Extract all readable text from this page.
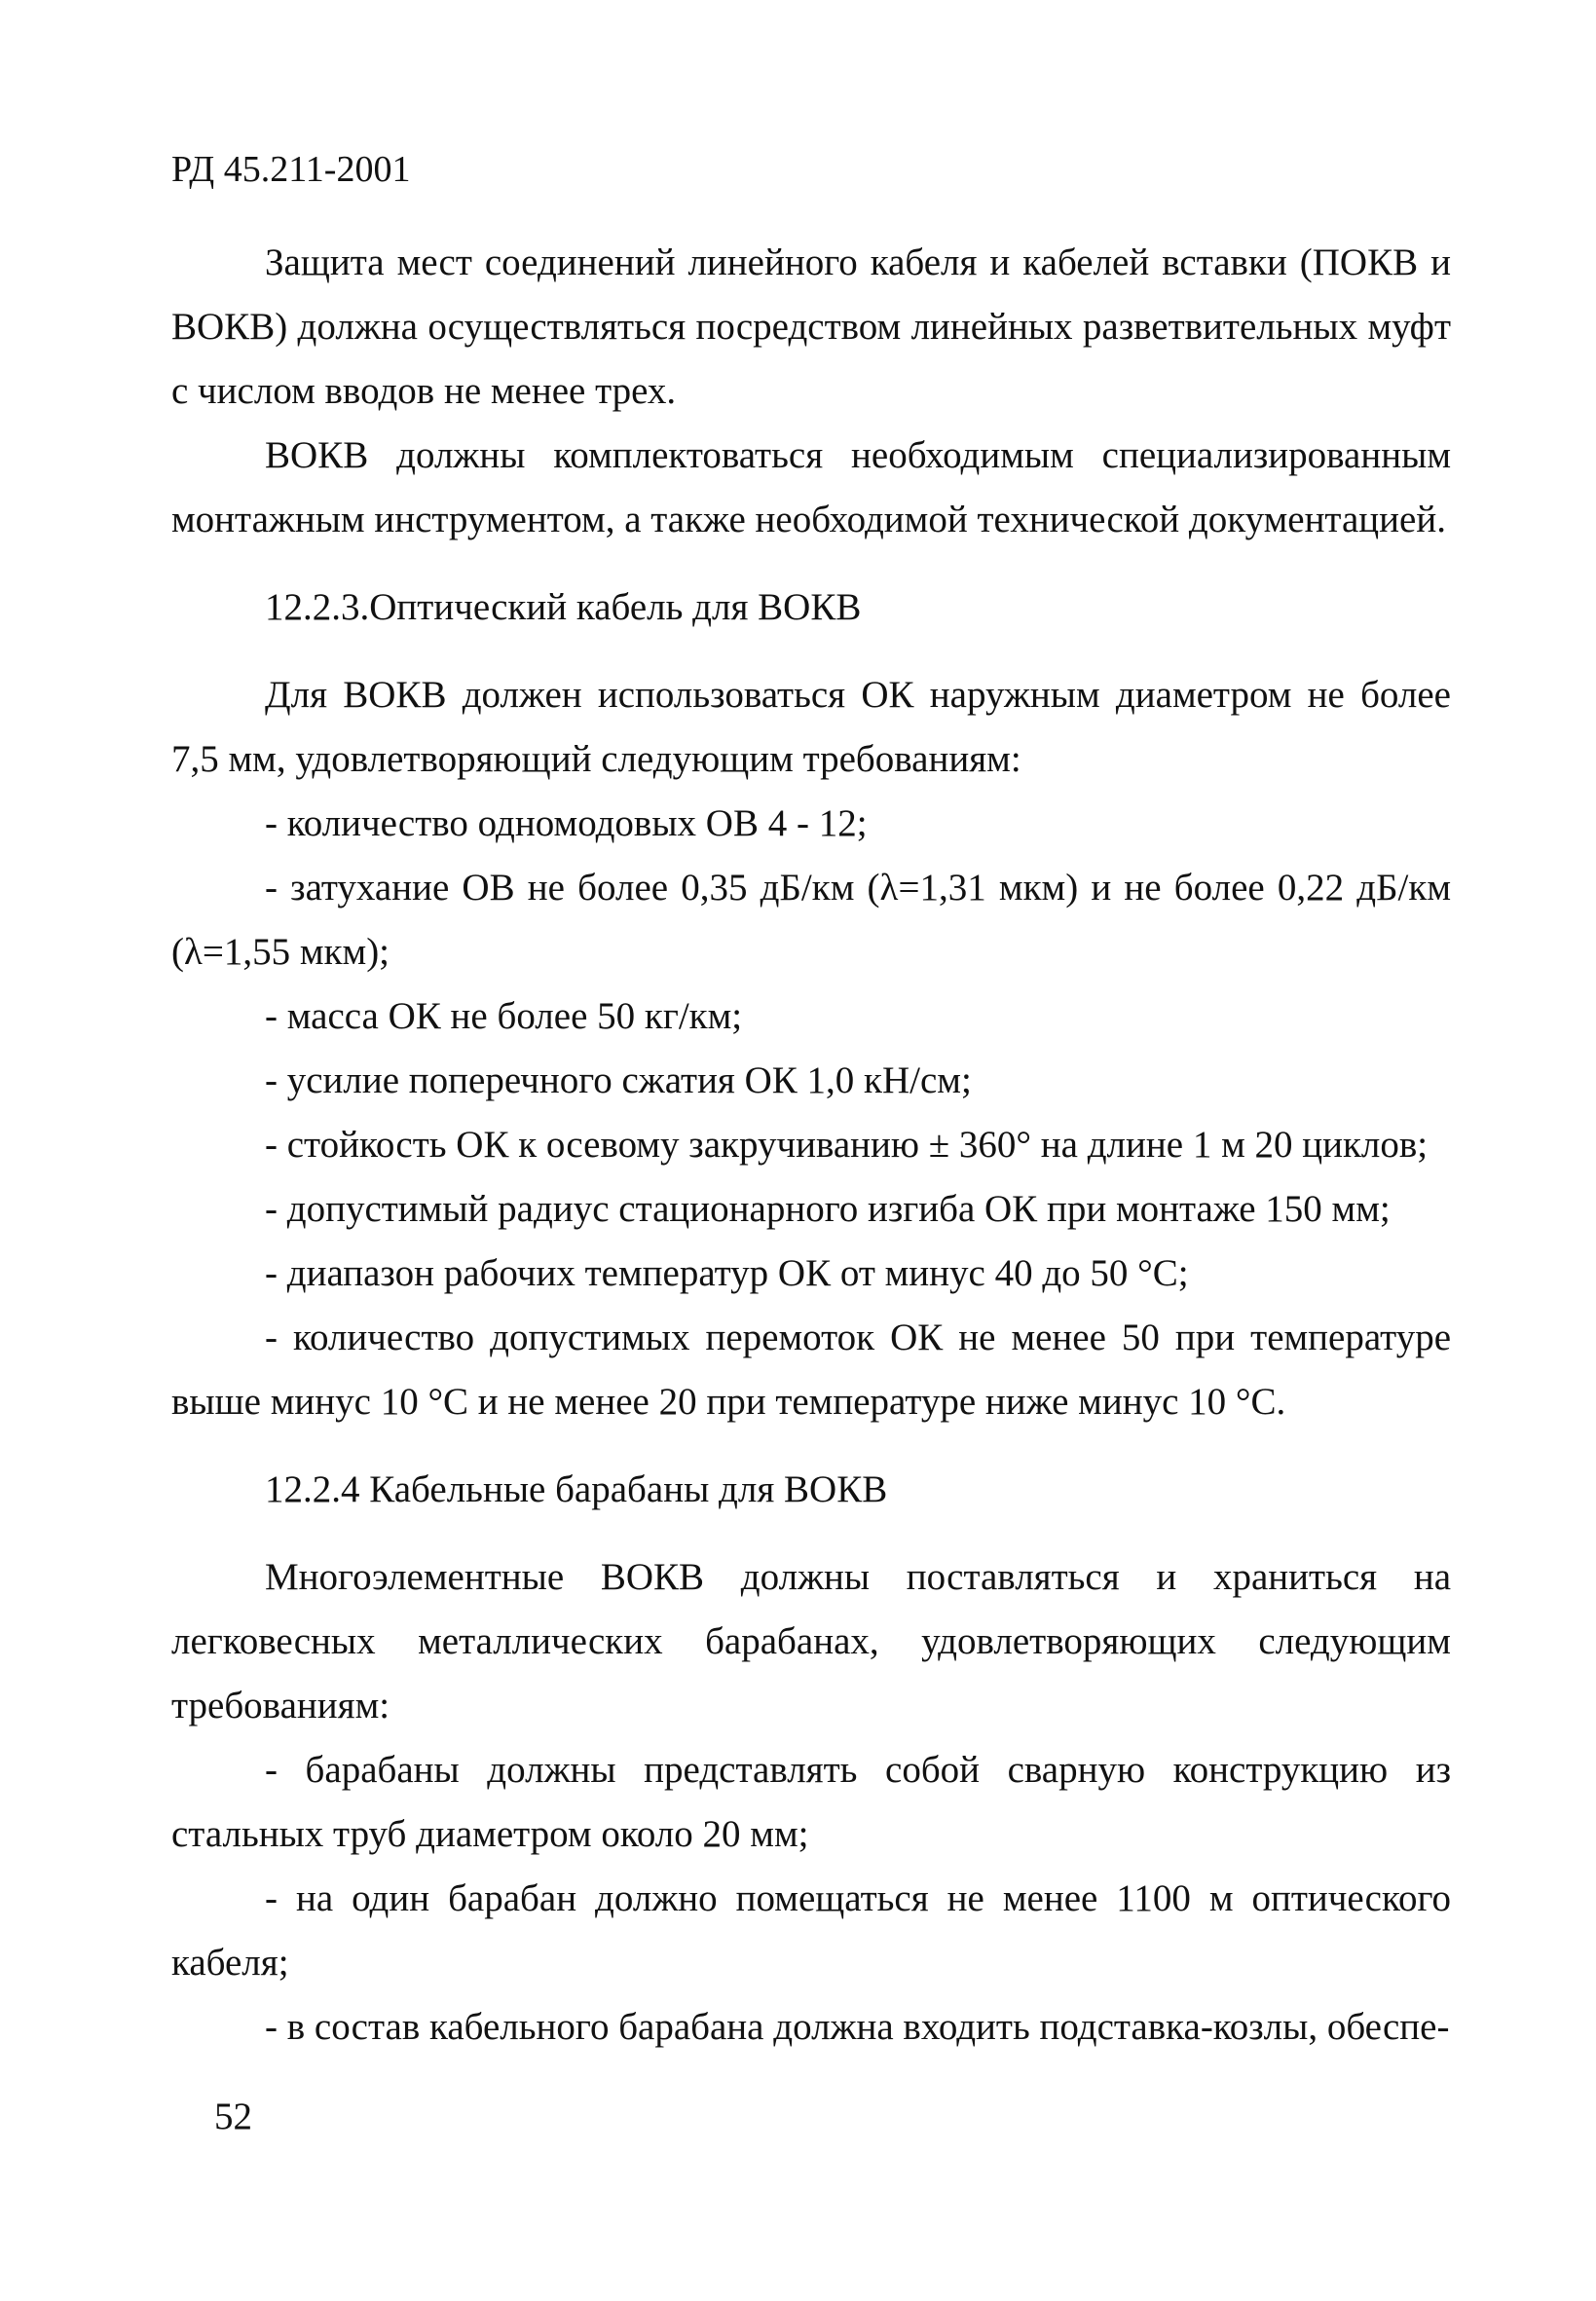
РД 45.211-2001

Защита мест соединений линейного кабеля и кабелей вставки (ПОКВ и ВОКВ) должна осуществляться посредством линейных разветвительных муфт с числом вводов не менее трех.

ВОКВ должны комплектоваться необходимым специализированным монтажным инструментом, а также необходимой технической документацией.

12.2.3.Оптический кабель для ВОКВ

Для ВОКВ должен использоваться ОК наружным диаметром не более 7,5 мм, удовлетворяющий следующим требованиям:

- количество одномодовых ОВ 4 - 12;

- затухание ОВ не более 0,35 дБ/км (λ=1,31 мкм) и не более 0,22 дБ/км (λ=1,55 мкм);

- масса ОК не более 50 кг/км;

- усилие поперечного сжатия ОК 1,0 кН/см;

- стойкость ОК к осевому закручиванию ± 360° на длине 1 м 20 циклов;

- допустимый радиус стационарного изгиба ОК при монтаже 150 мм;

- диапазон рабочих температур ОК от минус 40 до 50 °С;

- количество допустимых перемоток ОК не менее 50 при температуре выше минус 10 °С и не менее 20 при температуре ниже минус 10 °С.

12.2.4 Кабельные барабаны для ВОКВ

Многоэлементные ВОКВ должны поставляться и храниться на легковесных металлических барабанах, удовлетворяющих следующим требованиям:

- барабаны должны представлять собой сварную конструкцию из стальных труб диаметром около 20 мм;

- на один барабан должно помещаться не менее 1100 м оптического кабеля;

- в состав кабельного барабана должна входить подставка-козлы, обеспе-

52
